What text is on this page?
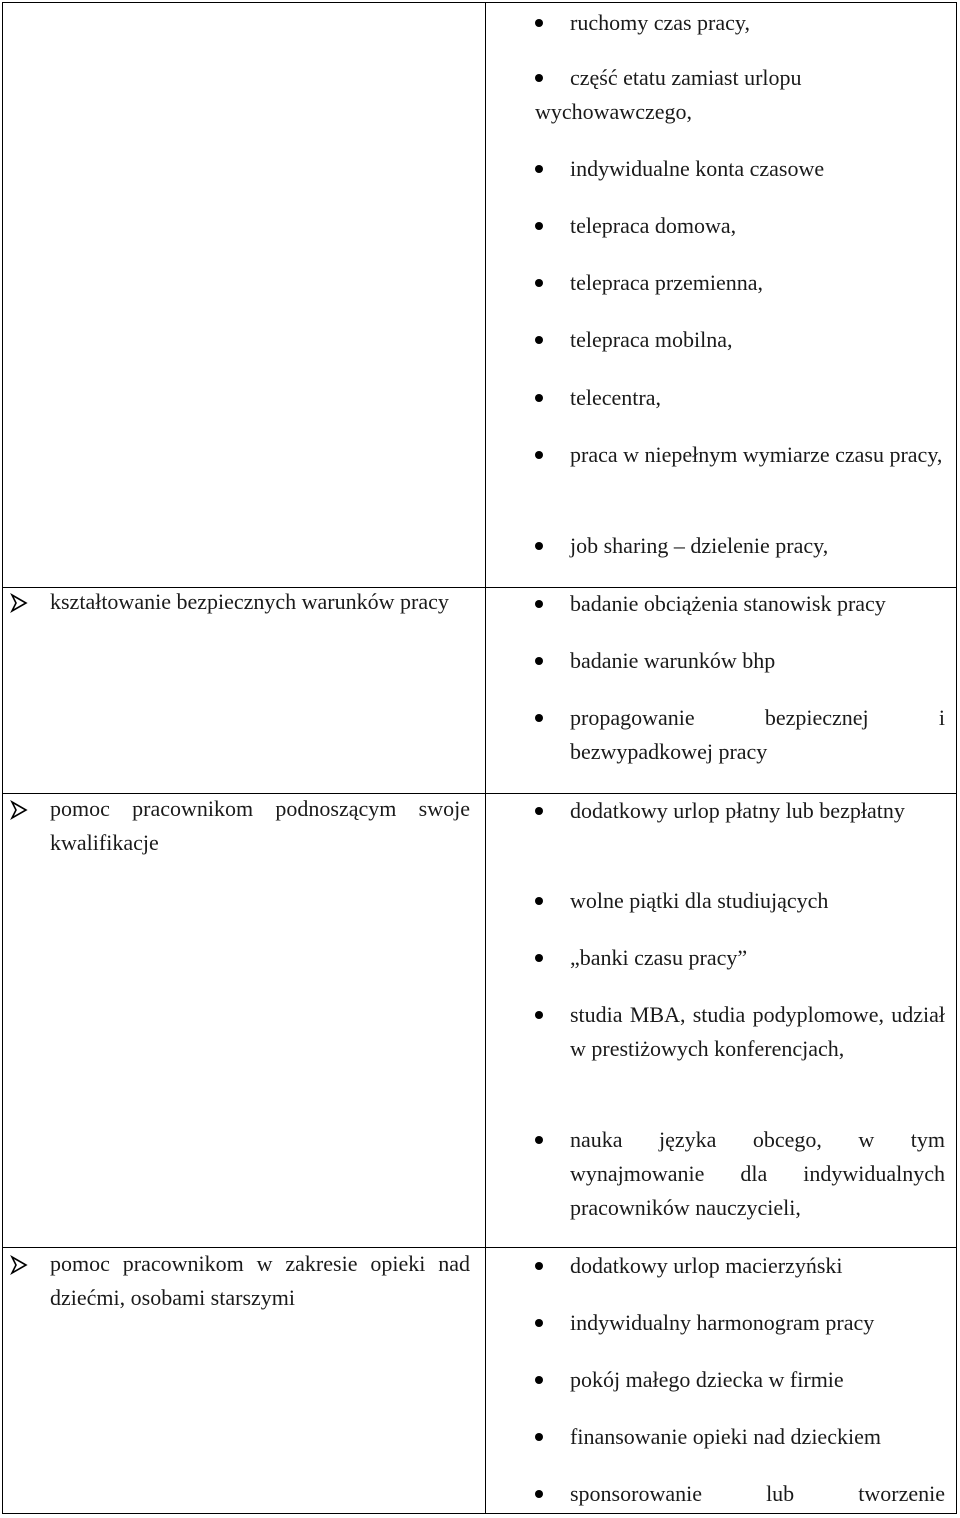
ruchomy czas pracy,
część etatu zamiast urlopu wychowawczego,
indywidualne konta czasowe
telepraca domowa,
telepraca przemienna,
telepraca mobilna,
telecentra,
praca w niepełnym wymiarze czasu pracy,
job sharing – dzielenie pracy,
kształtowanie bezpiecznych warunków pracy	badanie obciążenia stanowisk pracy
badanie warunków bhp
propagowanie bezpiecznej i bezwypadkowej pracy
pomoc pracownikom podnoszącym swoje kwalifikacje
dodatkowy urlop płatny lub bezpłatny
wolne piątki dla studiujących
„banki czasu pracy”
studia MBA, studia podyplomowe, udział w prestiżowych konferencjach,
nauka języka obcego, w tym wynajmowanie dla indywidualnych pracowników nauczycieli,
pomoc pracownikom w zakresie opieki nad dziećmi, osobami starszymi
dodatkowy urlop macierzyński
indywidualny harmonogram pracy
pokój małego dziecka w firmie
finansowanie opieki nad dzieckiem
sponsorowanie lub tworzenie
